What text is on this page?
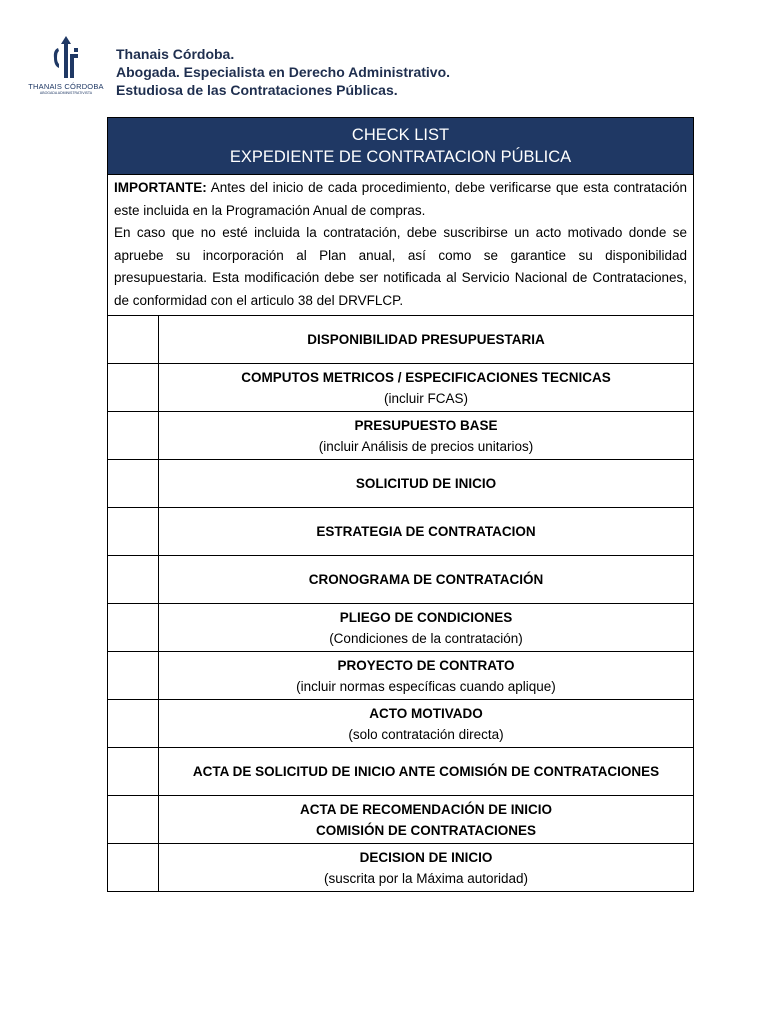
THANAIS CÓRDOBA
ABOGADA ADMINISTRATIVISTA
Thanais Córdoba.
Abogada. Especialista en Derecho Administrativo.
Estudiosa de las Contrataciones Públicas.
CHECK LIST
EXPEDIENTE DE CONTRATACION PÚBLICA	

IMPORTANTE: Antes del inicio de cada procedimiento, debe verificarse que esta contratación este incluida en la Programación Anual de compras.
En caso que no esté incluida la contratación, debe suscribirse un acto motivado donde se apruebe su incorporación al Plan anual, así como se garantice su disponibilidad presupuestaria. Esta modificación debe ser notificada al Servicio Nacional de Contrataciones, de conformidad con el articulo 38 del DRVFLCP.	

	DISPONIBILIDAD PRESUPUESTARIA

	COMPUTOS METRICOS / ESPECIFICACIONES TECNICAS
(incluir FCAS)

	PRESUPUESTO BASE
(incluir Análisis de precios unitarios)

	SOLICITUD DE INICIO

	ESTRATEGIA DE CONTRATACION

	CRONOGRAMA DE CONTRATACIÓN

	PLIEGO DE CONDICIONES
(Condiciones de la contratación)

	PROYECTO DE CONTRATO
(incluir normas específicas cuando aplique)

	ACTO MOTIVADO
(solo contratación directa)

	ACTA DE SOLICITUD DE INICIO ANTE COMISIÓN DE CONTRATACIONES

	ACTA DE RECOMENDACIÓN DE INICIO
COMISIÓN DE CONTRATACIONES

	DECISION DE INICIO
(suscrita por la Máxima autoridad)
